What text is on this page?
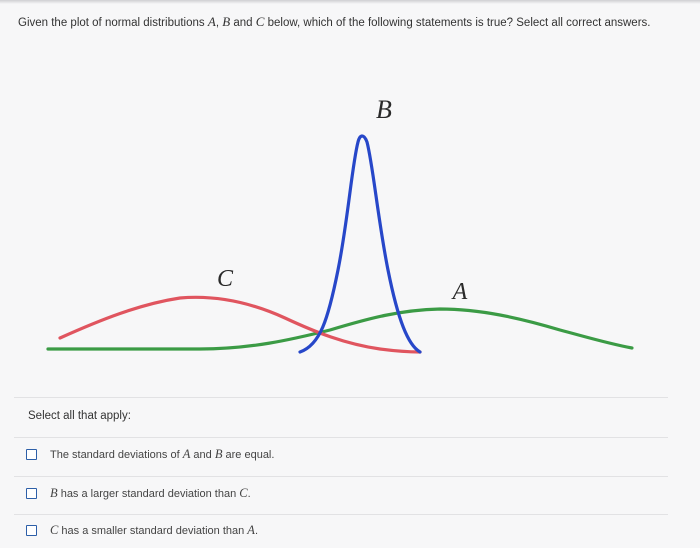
Given the plot of normal distributions A, B and C below, which of the following statements is true? Select all correct answers.
B
C	A
Select all that apply:
The standard deviations of A and B are equal.
B has a larger standard deviation than C.
C has a smaller standard deviation than A.
